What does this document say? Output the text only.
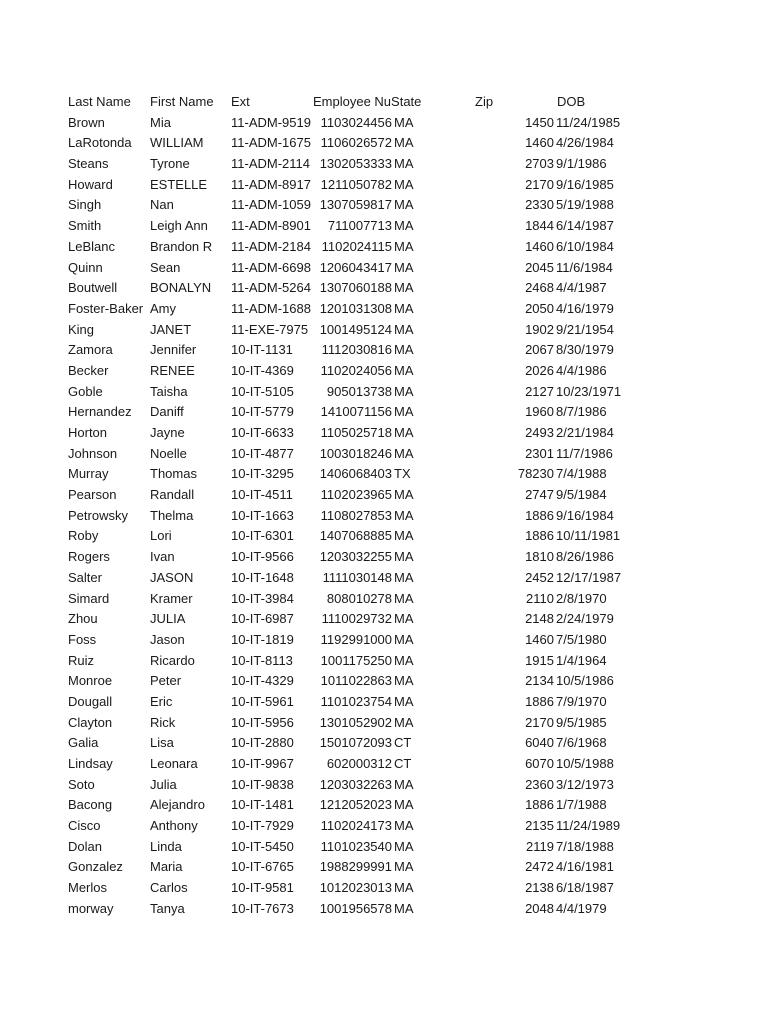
Last Name	First Name	Ext	Employee NuState	Zip	DOB
Brown	Mia	11-ADM-9519 1103024456 MA	1450 11/24/1985
LaRotonda	WILLIAM	11-ADM-1675 1106026572 MA	1460 4/26/1984
Steans	Tyrone	11-ADM-2114 1302053333 MA	2703 9/1/1986
Howard	ESTELLE	11-ADM-8917 1211050782 MA	2170 9/16/1985
Singh	Nan	11-ADM-1059 1307059817 MA	2330 5/19/1988
Smith	Leigh Ann	11-ADM-8901	711007713 MA	1844 6/14/1987
LeBlanc	Brandon R	11-ADM-2184 1102024115 MA	1460 6/10/1984
Quinn	Sean	11-ADM-6698 1206043417 MA	2045 11/6/1984
Boutwell	BONALYN	11-ADM-5264 1307060188 MA	2468 4/4/1987
Foster-Baker Amy	11-ADM-1688 1201031308 MA	2050 4/16/1979
King	JANET	11-EXE-7975 1001495124 MA	1902 9/21/1954
Zamora	Jennifer	10-IT-1131	1112030816 MA	2067 8/30/1979
Becker	RENEE	10-IT-4369	1102024056 MA	2026 4/4/1986
Goble	Taisha	10-IT-5105	905013738 MA	2127 10/23/1971
Hernandez	Daniff	10-IT-5779	1410071156 MA	1960 8/7/1986
Horton	Jayne	10-IT-6633	1105025718 MA	2493 2/21/1984
Johnson	Noelle	10-IT-4877	1003018246 MA	2301 11/7/1986
Murray	Thomas	10-IT-3295	1406068403 TX	78230 7/4/1988
Pearson	Randall	10-IT-4511	1102023965 MA	2747 9/5/1984
Petrowsky	Thelma	10-IT-1663	1108027853 MA	1886 9/16/1984
Roby	Lori	10-IT-6301	1407068885 MA	1886 10/11/1981
Rogers	Ivan	10-IT-9566	1203032255 MA	1810 8/26/1986
Salter	JASON	10-IT-1648	1111030148 MA	2452 12/17/1987
Simard	Kramer	10-IT-3984	808010278 MA	2110 2/8/1970
Zhou	JULIA	10-IT-6987	1110029732 MA	2148 2/24/1979
Foss	Jason	10-IT-1819	1192991000 MA	1460 7/5/1980
Ruiz	Ricardo	10-IT-8113	1001175250 MA	1915 1/4/1964
Monroe	Peter	10-IT-4329	1011022863 MA	2134 10/5/1986
Dougall	Eric	10-IT-5961	1101023754 MA	1886 7/9/1970
Clayton	Rick	10-IT-5956	1301052902 MA	2170 9/5/1985
Galia	Lisa	10-IT-2880	1501072093 CT	6040 7/6/1968
Lindsay	Leonara	10-IT-9967	602000312 CT	6070 10/5/1988
Soto	Julia	10-IT-9838	1203032263 MA	2360 3/12/1973
Bacong	Alejandro	10-IT-1481	1212052023 MA	1886 1/7/1988
Cisco	Anthony	10-IT-7929	1102024173 MA	2135 11/24/1989
Dolan	Linda	10-IT-5450	1101023540 MA	2119 7/18/1988
Gonzalez	Maria	10-IT-6765	1988299991 MA	2472 4/16/1981
Merlos	Carlos	10-IT-9581	1012023013 MA	2138 6/18/1987
morway	Tanya	10-IT-7673	1001956578 MA	2048 4/4/1979
